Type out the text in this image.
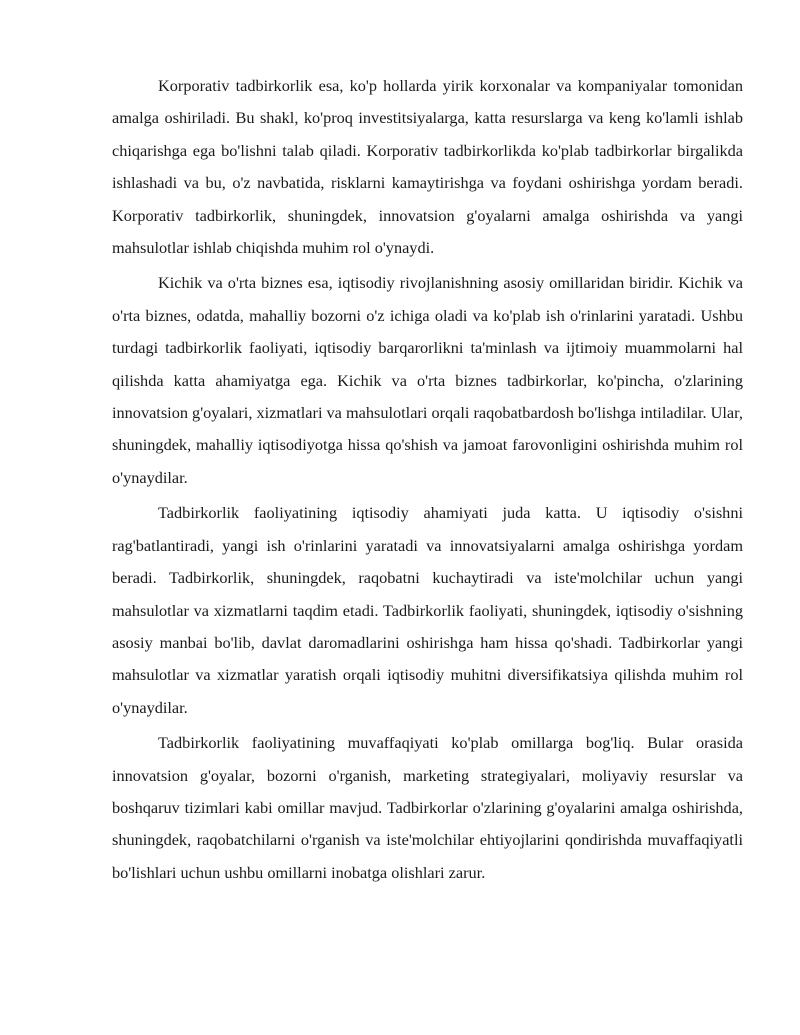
Korporativ tadbirkorlik esa, ko'p hollarda yirik korxonalar va kompaniyalar tomonidan amalga oshiriladi. Bu shakl, ko'proq investitsiyalarga, katta resurslarga va keng ko'lamli ishlab chiqarishga ega bo'lishni talab qiladi. Korporativ tadbirkorlikda ko'plab tadbirkorlar birgalikda ishlashadi va bu, o'z navbatida, risklarni kamaytirishga va foydani oshirishga yordam beradi. Korporativ tadbirkorlik, shuningdek, innovatsion g'oyalarni amalga oshirishda va yangi mahsulotlar ishlab chiqishda muhim rol o'ynaydi.

Kichik va o'rta biznes esa, iqtisodiy rivojlanishning asosiy omillaridan biridir. Kichik va o'rta biznes, odatda, mahalliy bozorni o'z ichiga oladi va ko'plab ish o'rinlarini yaratadi. Ushbu turdagi tadbirkorlik faoliyati, iqtisodiy barqarorlikni ta'minlash va ijtimoiy muammolarni hal qilishda katta ahamiyatga ega. Kichik va o'rta biznes tadbirkorlar, ko'pincha, o'zlarining innovatsion g'oyalari, xizmatlari va mahsulotlari orqali raqobatbardosh bo'lishga intiladilar. Ular, shuningdek, mahalliy iqtisodiyotga hissa qo'shish va jamoat farovonligini oshirishda muhim rol o'ynaydilar.

Tadbirkorlik faoliyatining iqtisodiy ahamiyati juda katta. U iqtisodiy o'sishni rag'batlantiradi, yangi ish o'rinlarini yaratadi va innovatsiyalarni amalga oshirishga yordam beradi. Tadbirkorlik, shuningdek, raqobatni kuchaytiradi va iste'molchilar uchun yangi mahsulotlar va xizmatlarni taqdim etadi. Tadbirkorlik faoliyati, shuningdek, iqtisodiy o'sishning asosiy manbai bo'lib, davlat daromadlarini oshirishga ham hissa qo'shadi. Tadbirkorlar yangi mahsulotlar va xizmatlar yaratish orqali iqtisodiy muhitni diversifikatsiya qilishda muhim rol o'ynaydilar.

Tadbirkorlik faoliyatining muvaffaqiyati ko'plab omillarga bog'liq. Bular orasida innovatsion g'oyalar, bozorni o'rganish, marketing strategiyalari, moliyaviy resurslar va boshqaruv tizimlari kabi omillar mavjud. Tadbirkorlar o'zlarining g'oyalarini amalga oshirishda, shuningdek, raqobatchilarni o'rganish va iste'molchilar ehtiyojlarini qondirishda muvaffaqiyatli bo'lishlari uchun ushbu omillarni inobatga olishlari zarur.
